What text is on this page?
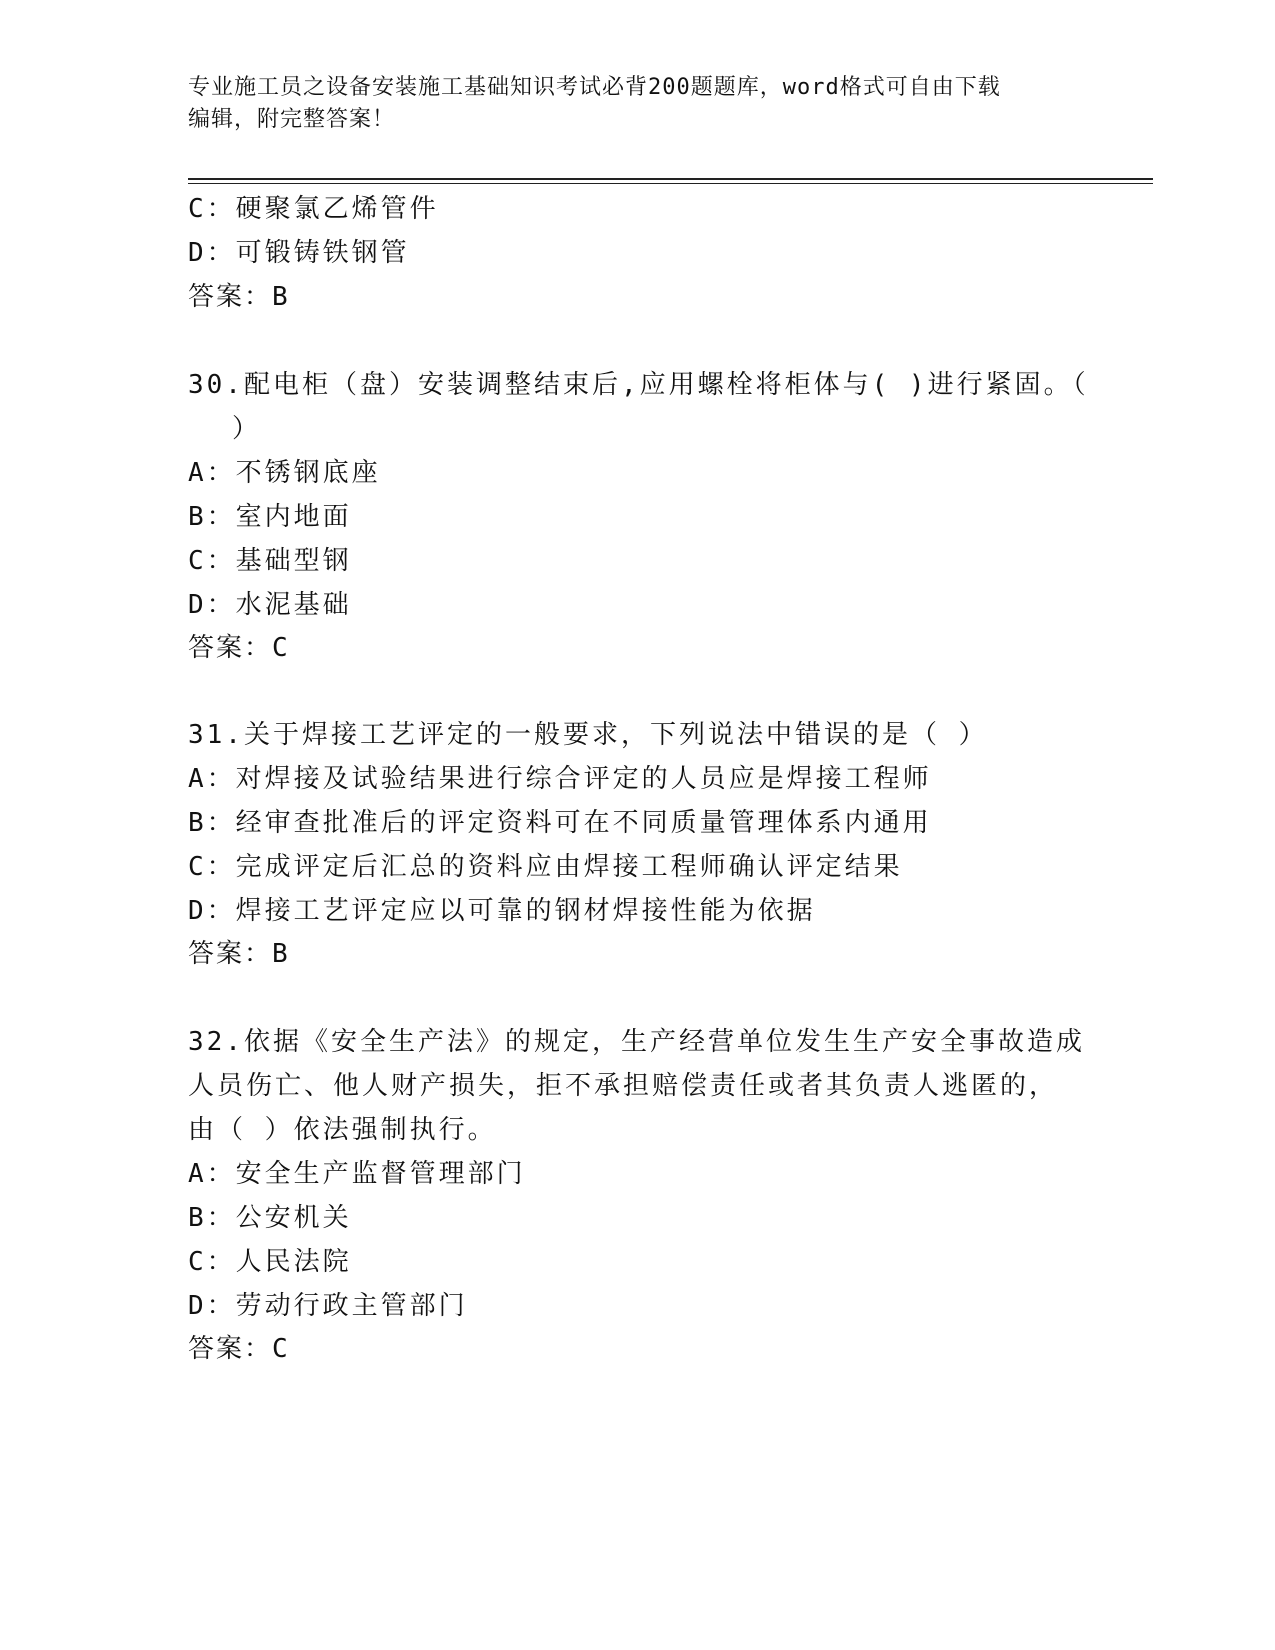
专业施工员之设备安装施工基础知识考试必背200题题库，word格式可自由下载
编辑，附完整答案！
C：硬聚氯乙烯管件
D：可锻铸铁钢管
答案：B
30.配电柜（盘）安装调整结束后,应用螺栓将柜体与( )进行紧固。（
）
A：不锈钢底座
B：室内地面
C：基础型钢
D：水泥基础
答案：C
31.关于焊接工艺评定的一般要求，下列说法中错误的是（ ）
A：对焊接及试验结果进行综合评定的人员应是焊接工程师
B：经审查批准后的评定资料可在不同质量管理体系内通用
C：完成评定后汇总的资料应由焊接工程师确认评定结果
D：焊接工艺评定应以可靠的钢材焊接性能为依据
答案：B
32.依据《安全生产法》的规定，生产经营单位发生生产安全事故造成
人员伤亡、他人财产损失，拒不承担赔偿责任或者其负责人逃匿的，
由（ ）依法强制执行。
A：安全生产监督管理部门
B：公安机关
C：人民法院
D：劳动行政主管部门
答案：C
